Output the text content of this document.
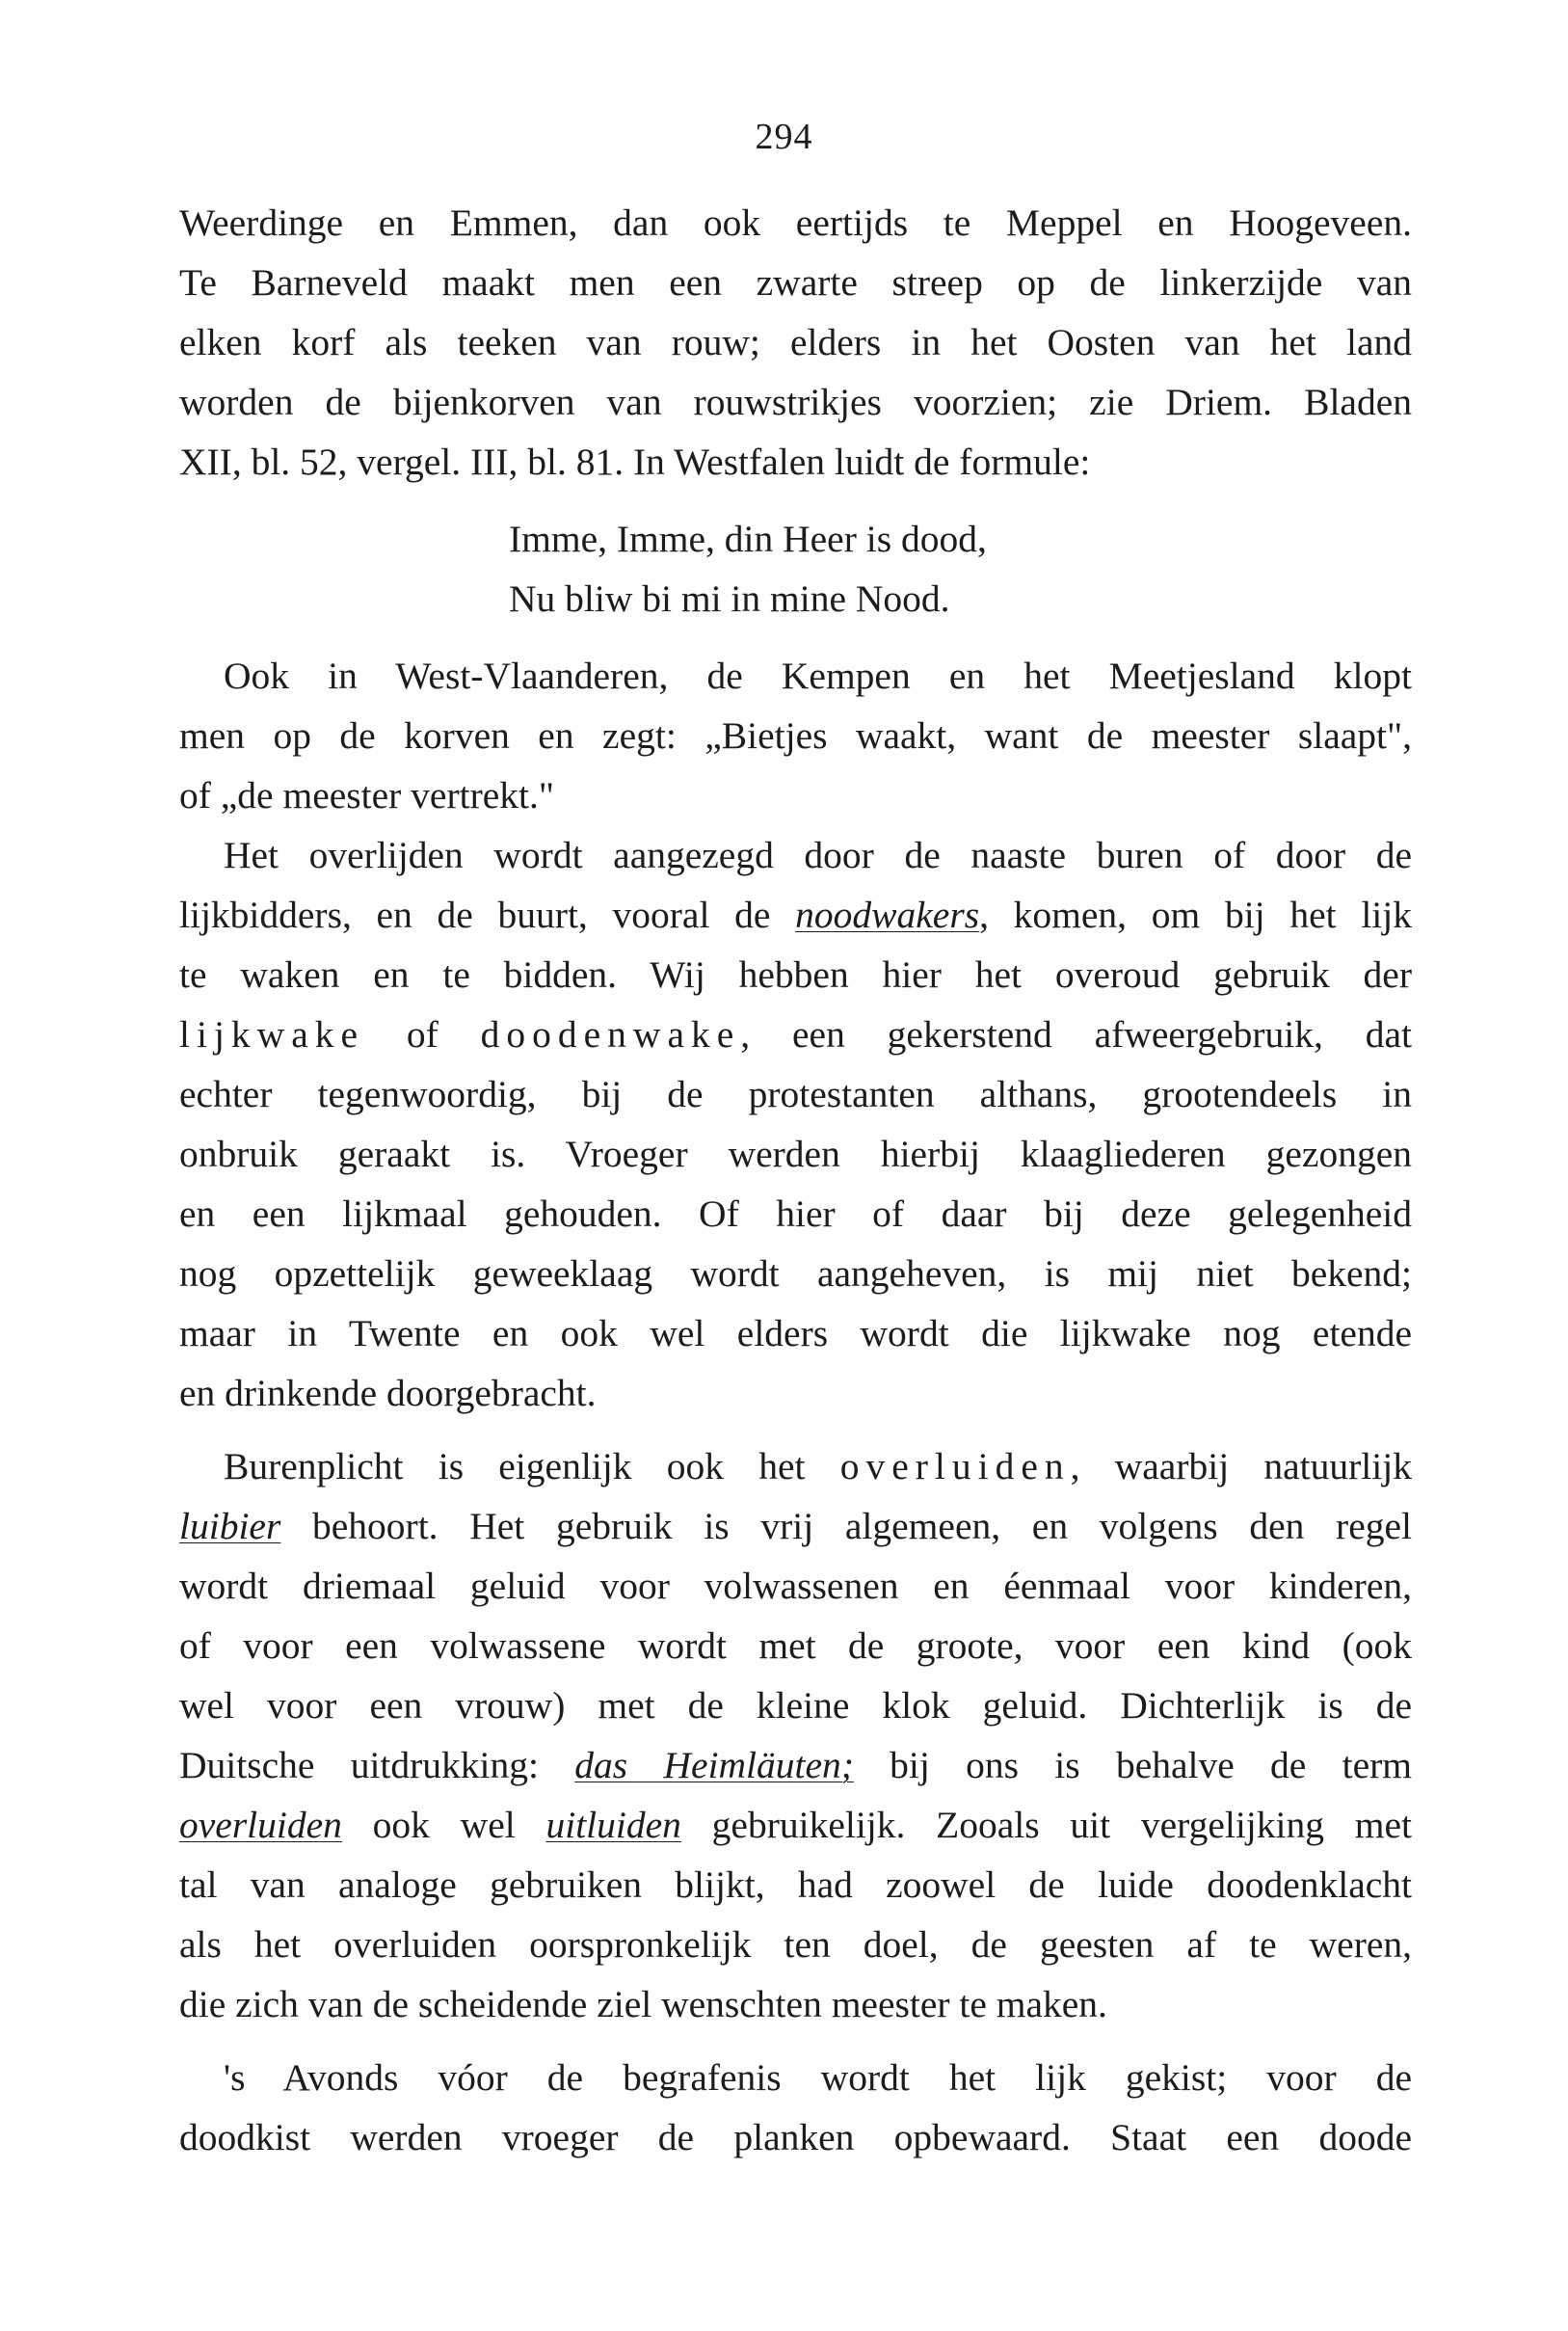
294
Weerdinge en Emmen, dan ook eertijds te Meppel en Hoogeveen.
Te Barneveld maakt men een zwarte streep op de linkerzijde van
elken korf als teeken van rouw; elders in het Oosten van het land
worden de bijenkorven van rouwstrikjes voorzien; zie Driem. Bladen
XII, bl. 52, vergel. III, bl. 81. In Westfalen luidt de formule:
Imme, Imme, din Heer is dood,
Nu bliw bi mi in mine Nood.
Ook in West-Vlaanderen, de Kempen en het Meetjesland klopt
men op de korven en zegt: „Bietjes waakt, want de meester slaapt",
of „de meester vertrekt."
Het overlijden wordt aangezegd door de naaste buren of door de
lijkbidders, en de buurt, vooral de noodwakers, komen, om bij het lijk
te waken en te bidden. Wij hebben hier het overoud gebruik der
lijkwake of doodenwake, een gekerstend afweergebruik, dat
echter tegenwoordig, bij de protestanten althans, grootendeels in
onbruik geraakt is. Vroeger werden hierbij klaagliederen gezongen
en een lijkmaal gehouden. Of hier of daar bij deze gelegenheid
nog opzettelijk geweeklaag wordt aangeheven, is mij niet bekend;
maar in Twente en ook wel elders wordt die lijkwake nog etende
en drinkende doorgebracht.
Burenplicht is eigenlijk ook het overluiden, waarbij natuurlijk
luibier behoort. Het gebruik is vrij algemeen, en volgens den regel
wordt driemaal geluid voor volwassenen en éenmaal voor kinderen,
of voor een volwassene wordt met de groote, voor een kind (ook
wel voor een vrouw) met de kleine klok geluid. Dichterlijk is de
Duitsche uitdrukking: das Heimläuten; bij ons is behalve de term
overluiden ook wel uitluiden gebruikelijk. Zooals uit vergelijking met
tal van analoge gebruiken blijkt, had zoowel de luide doodenklacht
als het overluiden oorspronkelijk ten doel, de geesten af te weren,
die zich van de scheidende ziel wenschten meester te maken.
's Avonds vóor de begrafenis wordt het lijk gekist; voor de
doodkist werden vroeger de planken opbewaard. Staat een doode
